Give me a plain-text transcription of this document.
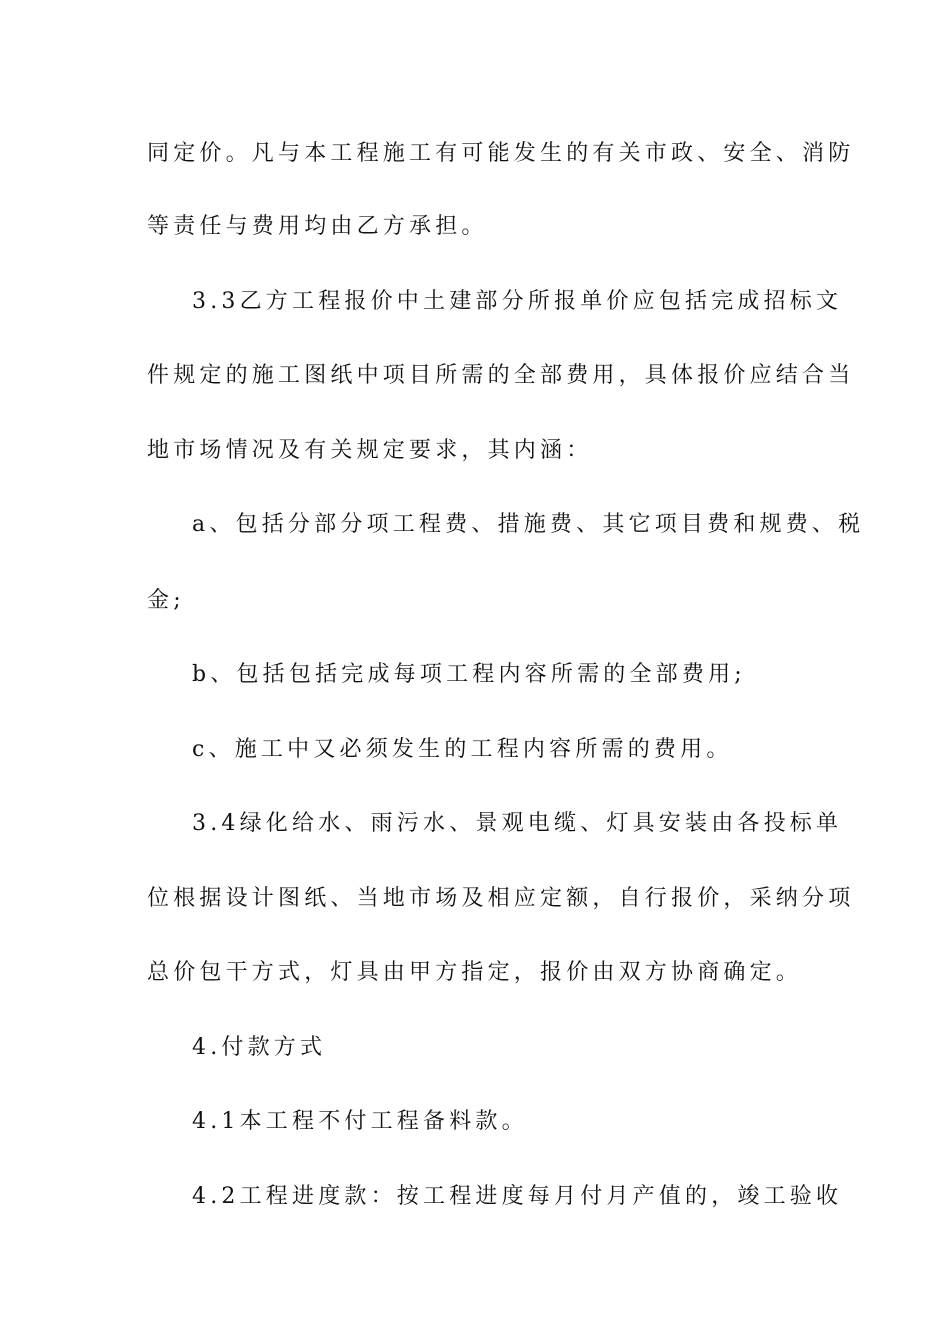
同定价。凡与本工程施工有可能发生的有关市政、安全、消防
等责任与费用均由乙方承担。
3.3乙方工程报价中土建部分所报单价应包括完成招标文
件规定的施工图纸中项目所需的全部费用，具体报价应结合当
地市场情况及有关规定要求，其内涵：
a、包括分部分项工程费、措施费、其它项目费和规费、税
金;
b、包括包括完成每项工程内容所需的全部费用;
c、施工中又必须发生的工程内容所需的费用。
3.4绿化给水、雨污水、景观电缆、灯具安装由各投标单
位根据设计图纸、当地市场及相应定额，自行报价，采纳分项
总价包干方式，灯具由甲方指定，报价由双方协商确定。
4.付款方式
4.1本工程不付工程备料款。
4.2工程进度款：按工程进度每月付月产值的，竣工验收
